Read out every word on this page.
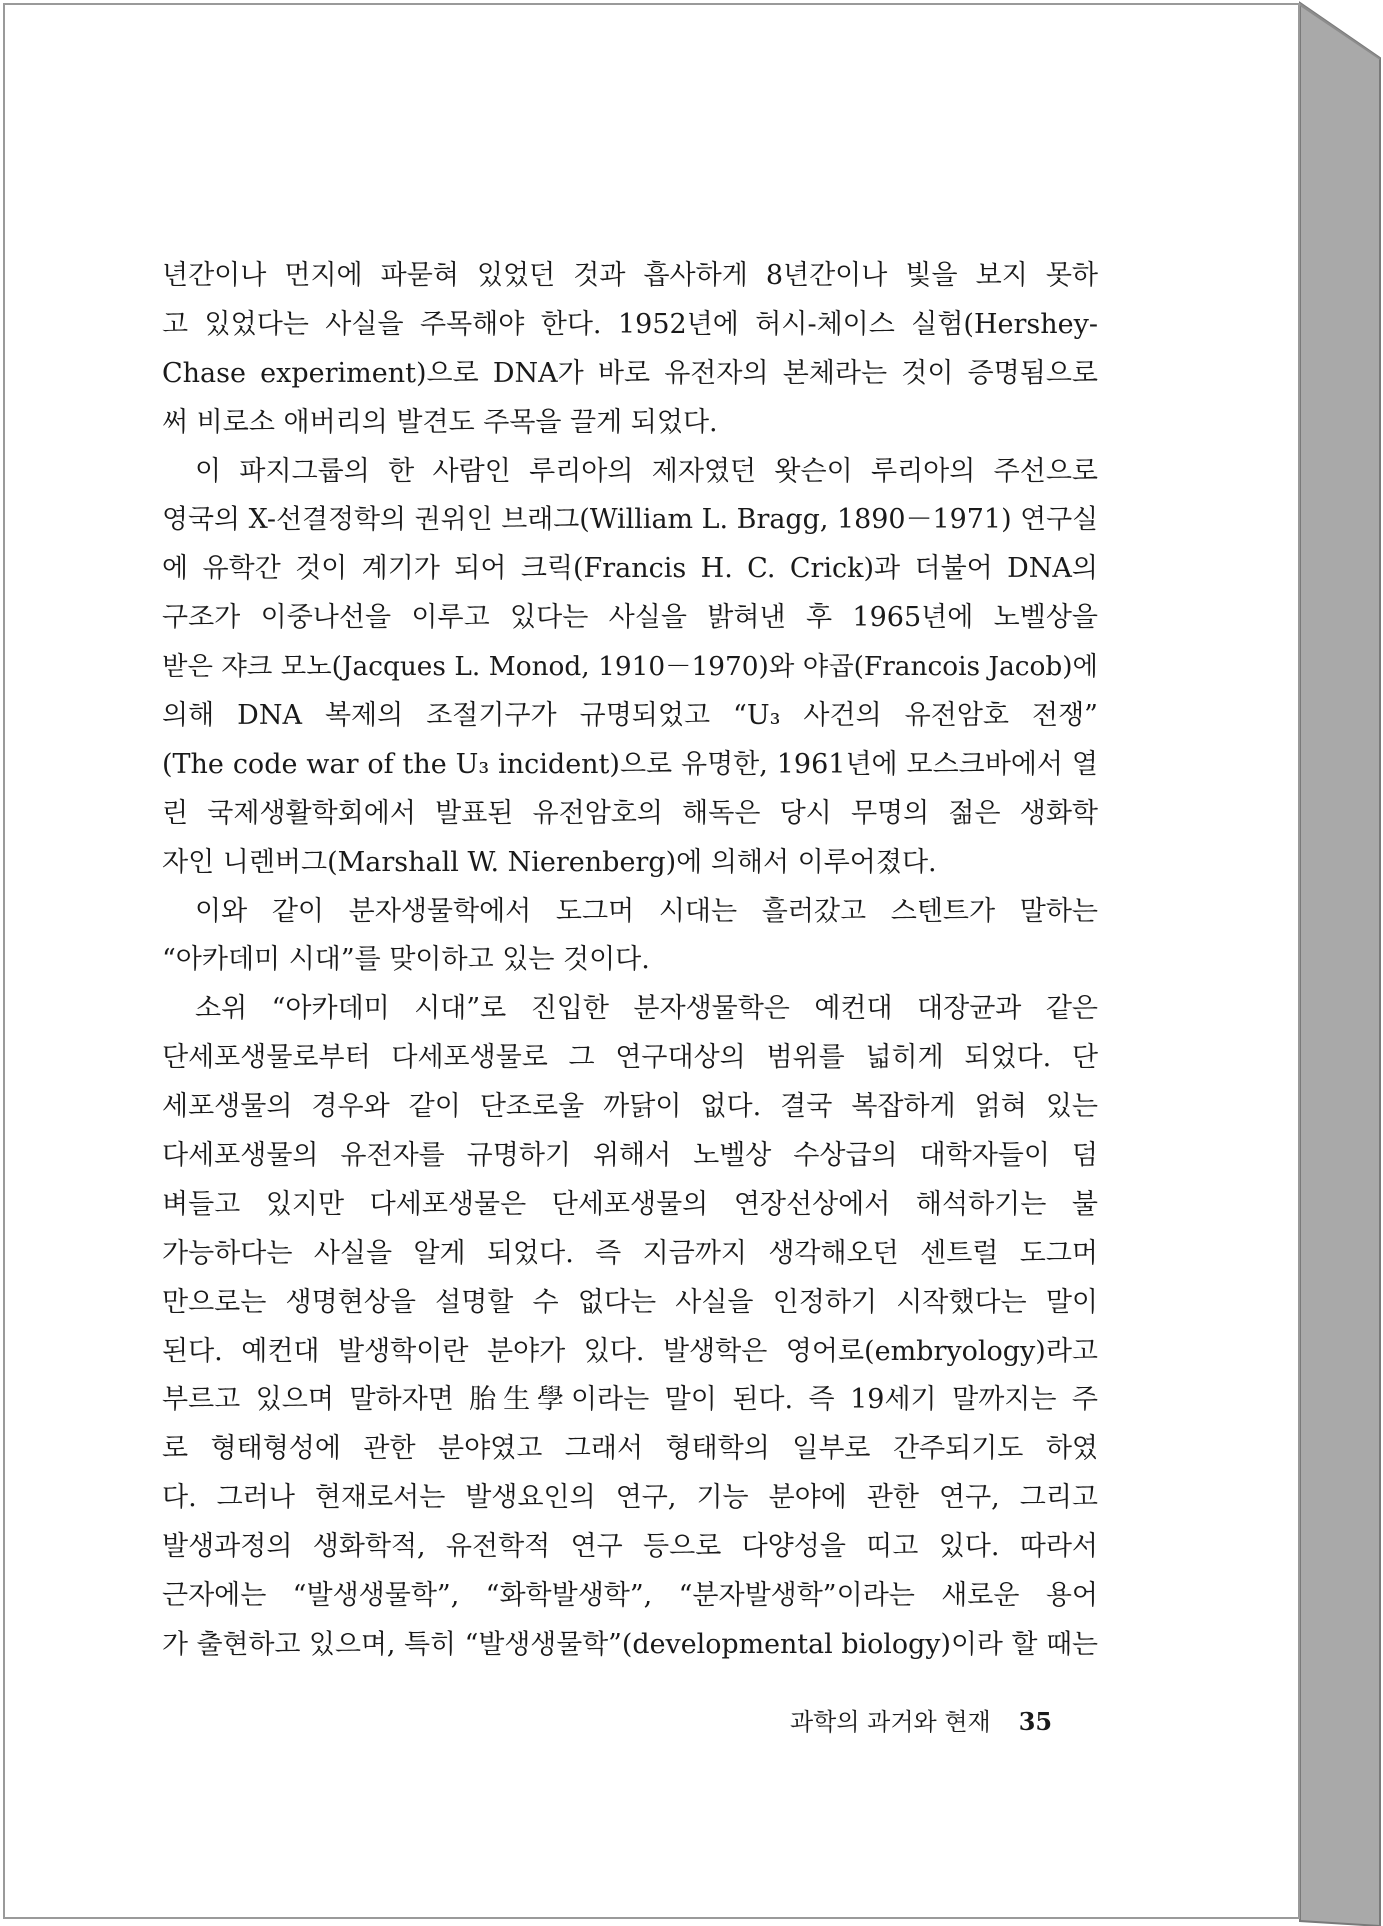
년간이나 먼지에 파묻혀 있었던 것과 흡사하게 8년간이나 빛을 보지 못하
고 있었다는 사실을 주목해야 한다. 1952년에 허시-체이스 실험(Hershey-
Chase experiment)으로 DNA가 바로 유전자의 본체라는 것이 증명됨으로
써 비로소 애버리의 발견도 주목을 끌게 되었다.
이 파지그룹의 한 사람인 루리아의 제자였던 왓슨이 루리아의 주선으로
영국의 X-선결정학의 권위인 브래그(William L. Bragg, 1890－1971) 연구실
에 유학간 것이 계기가 되어 크릭(Francis H. C. Crick)과 더불어 DNA의
구조가 이중나선을 이루고 있다는 사실을 밝혀낸 후 1965년에 노벨상을
받은 쟈크 모노(Jacques L. Monod, 1910－1970)와 야곱(Francois Jacob)에
의해 DNA 복제의 조절기구가 규명되었고 “U₃ 사건의 유전암호 전쟁”
(The code war of the U₃ incident)으로 유명한, 1961년에 모스크바에서 열
린 국제생활학회에서 발표된 유전암호의 해독은 당시 무명의 젊은 생화학
자인 니렌버그(Marshall W. Nierenberg)에 의해서 이루어졌다.
이와 같이 분자생물학에서 도그머 시대는 흘러갔고 스텐트가 말하는
“아카데미 시대”를 맞이하고 있는 것이다.
소위 “아카데미 시대”로 진입한 분자생물학은 예컨대 대장균과 같은
단세포생물로부터 다세포생물로 그 연구대상의 범위를 넓히게 되었다. 단
세포생물의 경우와 같이 단조로울 까닭이 없다. 결국 복잡하게 얽혀 있는
다세포생물의 유전자를 규명하기 위해서 노벨상 수상급의 대학자들이 덤
벼들고 있지만 다세포생물은 단세포생물의 연장선상에서 해석하기는 불
가능하다는 사실을 알게 되었다. 즉 지금까지 생각해오던 센트럴 도그머
만으로는 생명현상을 설명할 수 없다는 사실을 인정하기 시작했다는 말이
된다. 예컨대 발생학이란 분야가 있다. 발생학은 영어로(embryology)라고
부르고 있으며 말하자면 胎生學이라는 말이 된다. 즉 19세기 말까지는 주
로 형태형성에 관한 분야였고 그래서 형태학의 일부로 간주되기도 하였
다. 그러나 현재로서는 발생요인의 연구, 기능 분야에 관한 연구, 그리고
발생과정의 생화학적, 유전학적 연구 등으로 다양성을 띠고 있다. 따라서
근자에는 “발생생물학”, “화학발생학”, “분자발생학”이라는 새로운 용어
가 출현하고 있으며, 특히 “발생생물학”(developmental biology)이라 할 때는
과학의 과거와 현재 35
